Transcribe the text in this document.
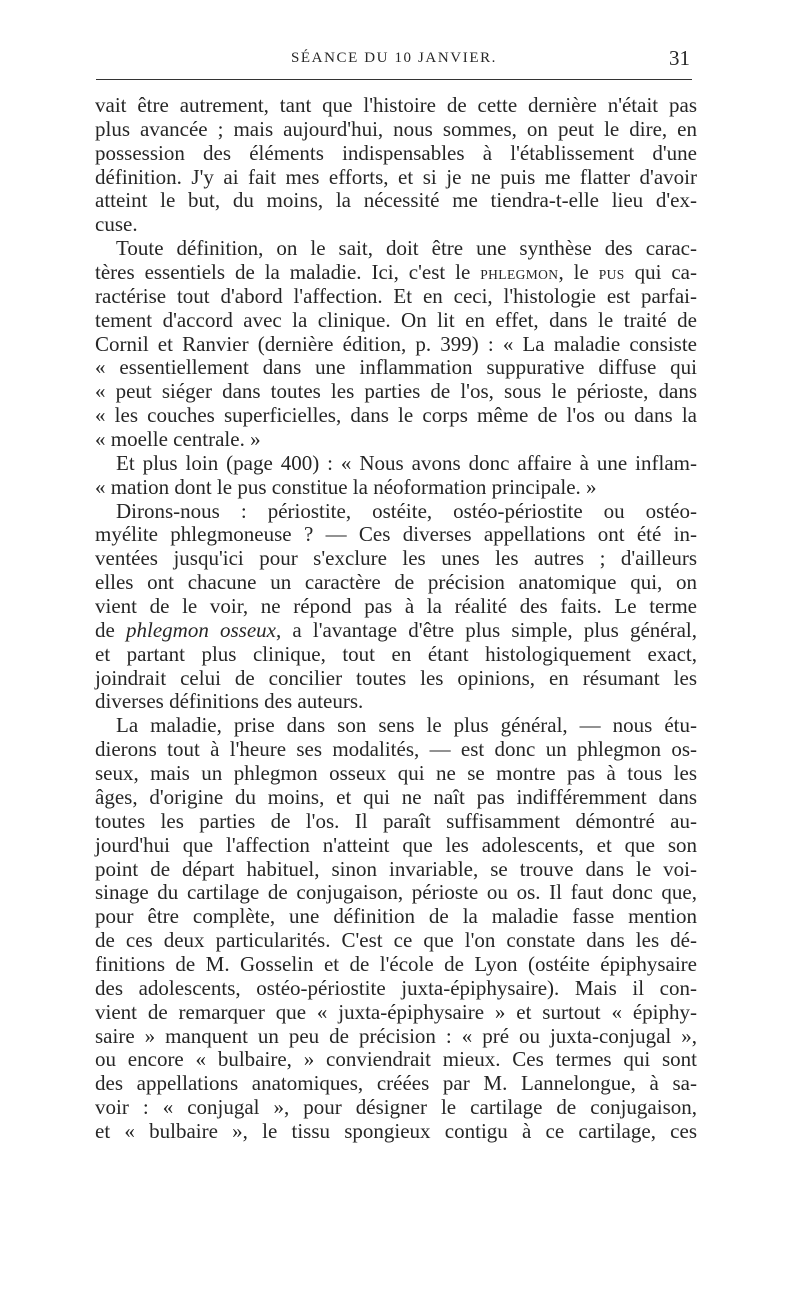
SÉANCE DU 10 JANVIER.	31
vait être autrement, tant que l'histoire de cette dernière n'était pas
plus avancée ; mais aujourd'hui, nous sommes, on peut le dire, en
possession des éléments indispensables à l'établissement d'une
définition. J'y ai fait mes efforts, et si je ne puis me flatter d'avoir
atteint le but, du moins, la nécessité me tiendra-t-elle lieu d'ex-
cuse.
Toute définition, on le sait, doit être une synthèse des carac-
tères essentiels de la maladie. Ici, c'est le PHLEGMON, le PUS qui ca-
ractérise tout d'abord l'affection. Et en ceci, l'histologie est parfai-
tement d'accord avec la clinique. On lit en effet, dans le traité de
Cornil et Ranvier (dernière édition, p. 399) : « La maladie consiste
« essentiellement dans une inflammation suppurative diffuse qui
« peut siéger dans toutes les parties de l'os, sous le périoste, dans
« les couches superficielles, dans le corps même de l'os ou dans la
« moelle centrale. »
Et plus loin (page 400) : « Nous avons donc affaire à une inflam-
« mation dont le pus constitue la néoformation principale. »
Dirons-nous : périostite, ostéite, ostéo-périostite ou ostéo-
myélite phlegmoneuse ? — Ces diverses appellations ont été in-
ventées jusqu'ici pour s'exclure les unes les autres ; d'ailleurs
elles ont chacune un caractère de précision anatomique qui, on
vient de le voir, ne répond pas à la réalité des faits. Le terme
de phlegmon osseux, a l'avantage d'être plus simple, plus général,
et partant plus clinique, tout en étant histologiquement exact,
joindrait celui de concilier toutes les opinions, en résumant les
diverses définitions des auteurs.
La maladie, prise dans son sens le plus général, — nous étu-
dierons tout à l'heure ses modalités, — est donc un phlegmon os-
seux, mais un phlegmon osseux qui ne se montre pas à tous les
âges, d'origine du moins, et qui ne naît pas indifféremment dans
toutes les parties de l'os. Il paraît suffisamment démontré au-
jourd'hui que l'affection n'atteint que les adolescents, et que son
point de départ habituel, sinon invariable, se trouve dans le voi-
sinage du cartilage de conjugaison, périoste ou os. Il faut donc que,
pour être complète, une définition de la maladie fasse mention
de ces deux particularités. C'est ce que l'on constate dans les dé-
finitions de M. Gosselin et de l'école de Lyon (ostéite épiphysaire
des adolescents, ostéo-périostite juxta-épiphysaire). Mais il con-
vient de remarquer que « juxta-épiphysaire » et surtout « épiphy-
saire » manquent un peu de précision : « pré ou juxta-conjugal »,
ou encore « bulbaire, » conviendrait mieux. Ces termes qui sont
des appellations anatomiques, créées par M. Lannelongue, à sa-
voir : « conjugal », pour désigner le cartilage de conjugaison,
et « bulbaire », le tissu spongieux contigu à ce cartilage, ces
